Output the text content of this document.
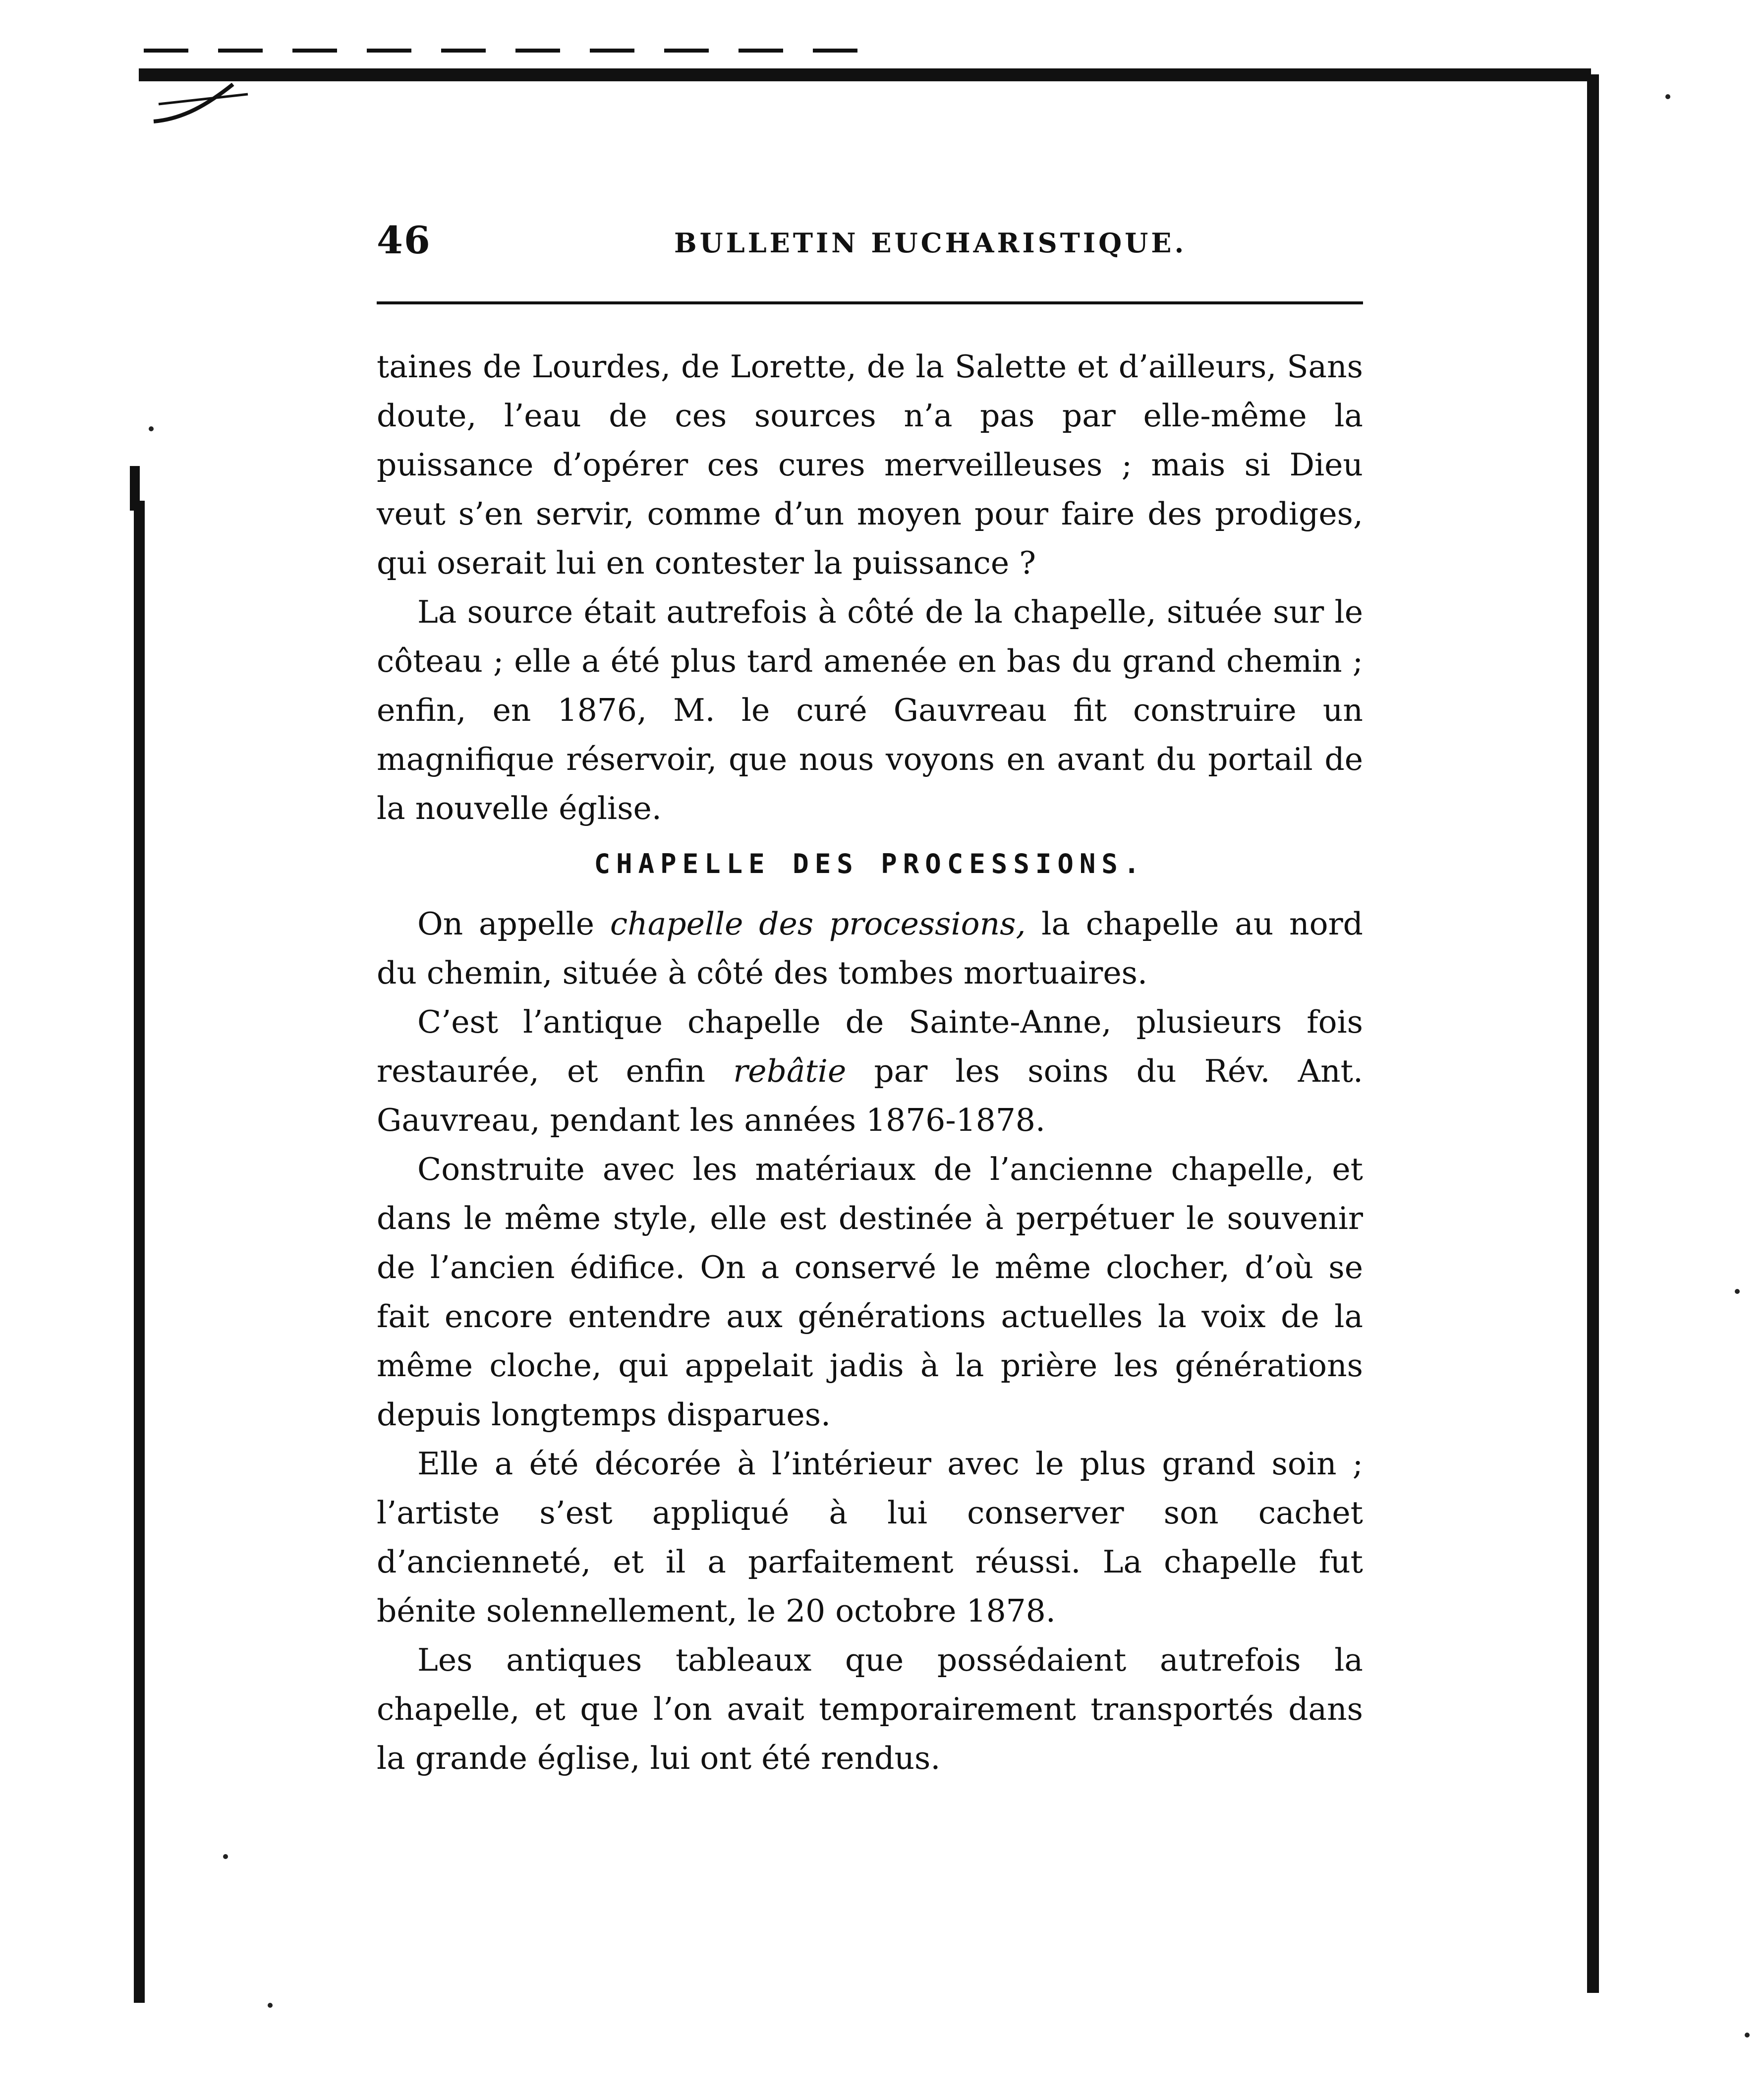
46	BULLETIN EUCHARISTIQUE.

taines de Lourdes, de Lorette, de la Salette et d’ailleurs, Sans doute, l’eau de ces sources n’a pas par elle-même la puissance d’opérer ces cures merveilleuses ; mais si Dieu veut s’en servir, comme d’un moyen pour faire des prodiges, qui oserait lui en contester la puissance ?

La source était autrefois à côté de la chapelle, située sur le côteau ; elle a été plus tard amenée en bas du grand chemin ; enfin, en 1876, M. le curé Gauvreau fit construire un magnifique réservoir, que nous voyons en avant du portail de la nouvelle église.

CHAPELLE DES PROCESSIONS.

On appelle chapelle des processions, la chapelle au nord du chemin, située à côté des tombes mortuaires.

C’est l’antique chapelle de Sainte-Anne, plusieurs fois restaurée, et enfin rebâtie par les soins du Rév. Ant. Gauvreau, pendant les années 1876-1878.

Construite avec les matériaux de l’ancienne chapelle, et dans le même style, elle est destinée à perpétuer le souvenir de l’ancien édifice. On a conservé le même clocher, d’où se fait encore entendre aux générations actuelles la voix de la même cloche, qui appelait jadis à la prière les générations depuis longtemps disparues.

Elle a été décorée à l’intérieur avec le plus grand soin ; l’artiste s’est appliqué à lui conserver son cachet d’ancienneté, et il a parfaitement réussi. La chapelle fut bénite solennellement, le 20 octobre 1878.

Les antiques tableaux que possédaient autrefois la chapelle, et que l’on avait temporairement transportés dans la grande église, lui ont été rendus.
